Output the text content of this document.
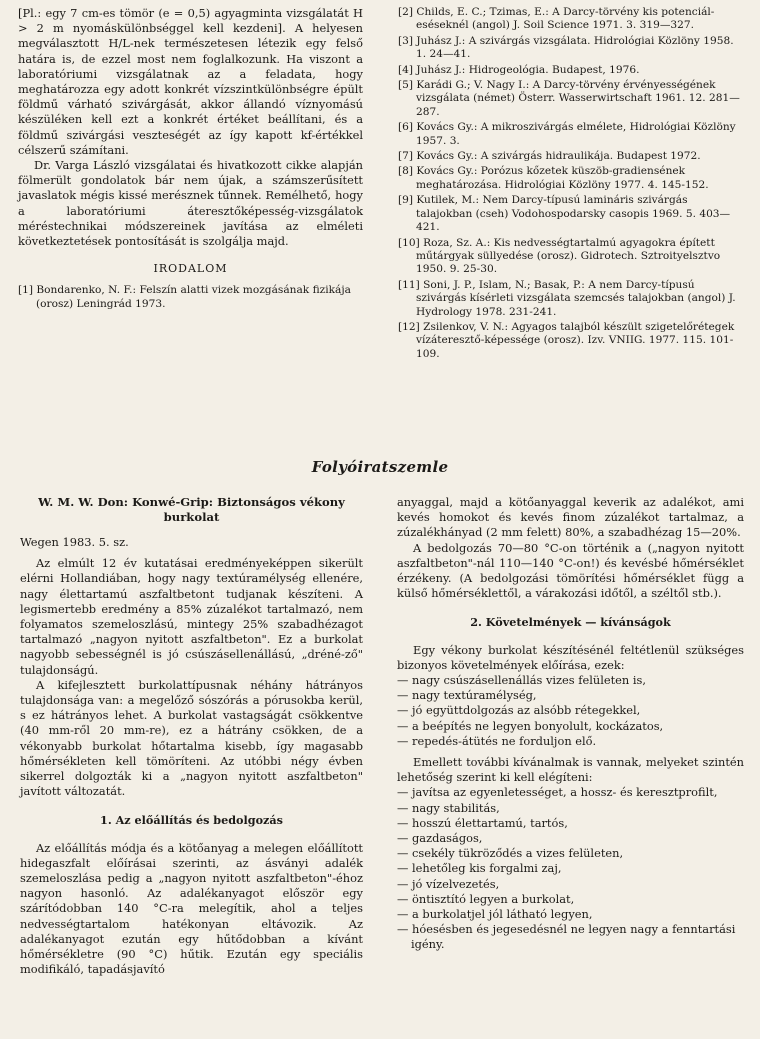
[Pl.: egy 7 cm-es tömör (e = 0,5) agyagminta vizsgálatát H > 2 m nyomáskülönbséggel kell kezdeni]. A helyesen megválasztott H/L-nek természetesen létezik egy felső határa is, de ezzel most nem foglalkozunk. Ha viszont a laboratóriumi vizsgálatnak az a feladata, hogy meghatározza egy adott konkrét vízszintkülönbségre épült földmű várható szivárgását, akkor állandó víznyomású készüléken kell ezt a konkrét értéket beállítani, és a földmű szivárgási veszteségét az így kapott kf-értékkel célszerű számítani.

Dr. Varga László vizsgálatai és hivatkozott cikke alapján fölmerült gondolatok bár nem újak, a számszerűsített javaslatok mégis kissé merésznek tűnnek. Remélhető, hogy a laboratóriumi áteresztőképesség-vizsgálatok méréstechnikai módszereinek javítása az elméleti következtetések pontosítását is szolgálja majd.

IRODALOM

[1] Bondarenko, N. F.: Felszín alatti vizek mozgásának fizikája (orosz) Leningrád 1973.

[2] Childs, E. C.; Tzimas, E.: A Darcy-törvény kis potenciál-eséseknél (angol) J. Soil Science 1971. 3. 319—327.

[3] Juhász J.: A szivárgás vizsgálata. Hidrológiai Közlöny 1958. 1. 24—41.

[4] Juhász J.: Hidrogeológia. Budapest, 1976.

[5] Karádi G.; V. Nagy I.: A Darcy-törvény érvényességének vizsgálata (német) Österr. Wasserwirtschaft 1961. 12. 281—287.

[6] Kovács Gy.: A mikroszivárgás elmélete, Hidrológiai Közlöny 1957. 3.

[7] Kovács Gy.: A szivárgás hidraulikája. Budapest 1972.

[8] Kovács Gy.: Porózus kőzetek küszöb-gradiensének meghatározása. Hidrológiai Közlöny 1977. 4. 145-152.

[9] Kutilek, M.: Nem Darcy-típusú lamináris szivárgás talajokban (cseh) Vodohospodarsky casopis 1969. 5. 403—421.

[10] Roza, Sz. A.: Kis nedvességtartalmú agyagokra épített műtárgyak süllyedése (orosz). Gidrotech. Sztroityelsztvo 1950. 9. 25-30.

[11] Soni, J. P., Islam, N.; Basak, P.: A nem Darcy-típusú szivárgás kísérleti vizsgálata szemcsés talajokban (angol) J. Hydrology 1978. 231-241.

[12] Zsilenkov, V. N.: Agyagos talajból készült szigetelőrétegek vízáteresztő-képessége (orosz). Izv. VNIIG. 1977. 115. 101-109.

Folyóiratszemle

W. M. W. Don: Konwé-Grip: Biztonságos vékony burkolat

Wegen 1983. 5. sz.

Az elmúlt 12 év kutatásai eredményeképpen sikerült elérni Hollandiában, hogy nagy textúramélység ellenére, nagy élettartamú aszfaltbetont tudjanak készíteni. A legismertebb eredmény a 85% zúzalékot tartalmazó, nem folyamatos szemeloszlású, mintegy 25% szabadhézagot tartalmazó „nagyon nyitott aszfaltbeton". Ez a burkolat nagyobb sebességnél is jó csúszásellenállású, „dréné-ző" tulajdonságú.

A kifejlesztett burkolattípusnak néhány hátrányos tulajdonsága van: a megelőző sószórás a pórusokba kerül, s ez hátrányos lehet. A burkolat vastagságát csökkentve (40 mm-ről 20 mm-re), ez a hátrány csökken, de a vékonyabb burkolat hőtartalma kisebb, így magasabb hőmérsékleten kell tömöríteni. Az utóbbi négy évben sikerrel dolgozták ki a „nagyon nyitott aszfaltbeton" javított változatát.

1. Az előállítás és bedolgozás

Az előállítás módja és a kötőanyag a melegen előállított hidegaszfalt előírásai szerinti, az ásványi adalék szemeloszlása pedig a „nagyon nyitott aszfaltbeton"-éhoz nagyon hasonló. Az adalékanyagot először egy szárítódobban 140 °C-ra melegítik, ahol a teljes nedvességtartalom hatékonyan eltávozik. Az adalékanyagot ezután egy hűtődobban a kívánt hőmérsékletre (90 °C) hűtik. Ezután egy speciális modifikáló, tapadásjavító

anyaggal, majd a kötőanyaggal keverik az adalékot, ami kevés homokot és kevés finom zúzalékot tartalmaz, a zúzalékhányad (2 mm felett) 80%, a szabadhézag 15—20%.

A bedolgozás 70—80 °C-on történik a („nagyon nyitott aszfaltbeton"-nál 110—140 °C-on!) és kevésbé hőmérséklet érzékeny. (A bedolgozási tömörítési hőmérséklet függ a külső hőmérséklettől, a várakozási időtől, a széltől stb.).

2. Követelmények — kívánságok

Egy vékony burkolat készítésénél feltétlenül szükséges bizonyos követelmények előírása, ezek:

— nagy csúszásellenállás vizes felületen is,

— nagy textúramélység,

— jó együttdolgozás az alsóbb rétegekkel,

— a beépítés ne legyen bonyolult, kockázatos,

— repedés-átütés ne forduljon elő.

Emellett további kívánalmak is vannak, melyeket szintén lehetőség szerint ki kell elégíteni:

— javítsa az egyenletességet, a hossz- és keresztprofilt,

— nagy stabilitás,

— hosszú élettartamú, tartós,

— gazdaságos,

— csekély tükröződés a vizes felületen,

— lehetőleg kis forgalmi zaj,

— jó vízelvezetés,

— öntisztító legyen a burkolat,

— a burkolatjel jól látható legyen,

— hóesésben és jegesedésnél ne legyen nagy a fenntartási igény.
